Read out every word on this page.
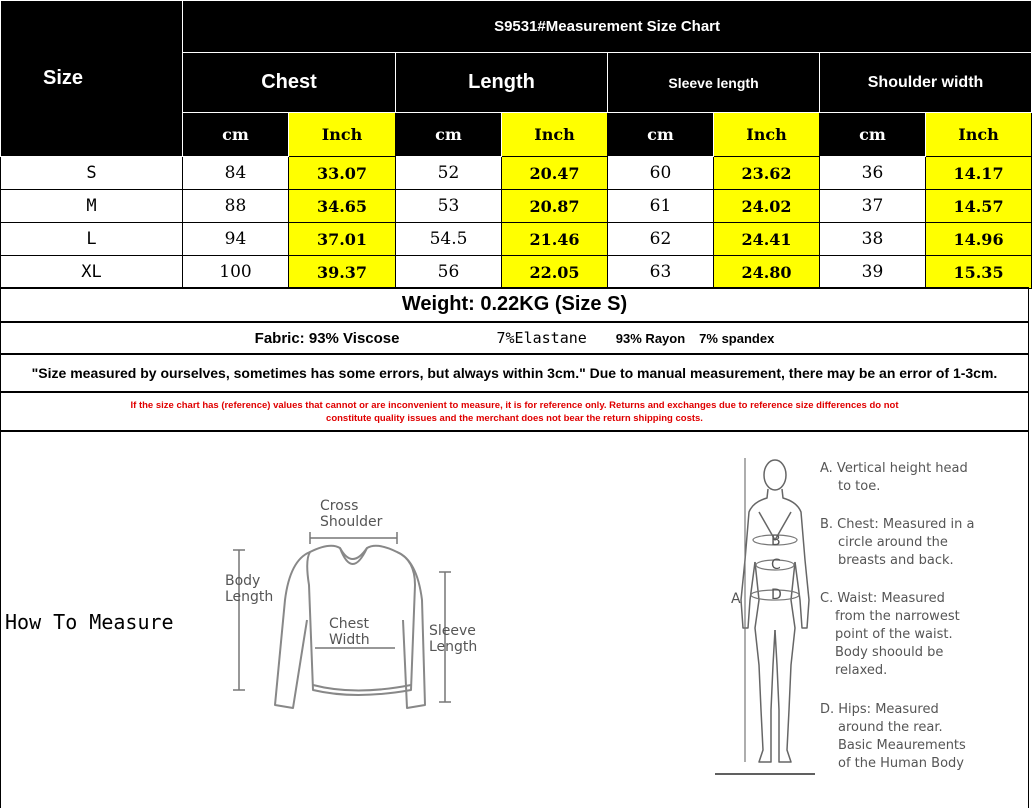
Size	S9531#Measurement Size Chart							
	Chest		Length		Sleeve length		Shoulder width	
	cm	Inch	cm	Inch	cm	Inch	cm	Inch
S	84	33.07	52	20.47	60	23.62	36	14.17
M	88	34.65	53	20.87	61	24.02	37	14.57
L	94	37.01	54.5	21.46	62	24.41	38	14.96
XL	100	39.37	56	22.05	63	24.80	39	15.35
Weight: 0.22KG (Size S)
Fabric: 93% Viscose	7%Elastane 93% Rayon 7% spandex
"Size measured by ourselves, sometimes has some errors, but always within 3cm." Due to manual measurement, there may be an error of 1-3cm.
If the size chart has (reference) values that cannot or are inconvenient to measure, it is for reference only. Returns and exchanges due to reference size differences do not
constitute quality issues and the merchant does not bear the return shipping costs.
How To Measure
Cross
Shoulder
Body
Length
Chest
Width
Sleeve
Length
A
B
C
D
A. Vertical height head
to toe.
B. Chest: Measured in a
circle around the
breasts and back.
C. Waist: Measured
from the narrowest
point of the waist.
Body shoould be
relaxed.
D. Hips: Measured
around the rear.
Basic Meaurements
of the Human Body
